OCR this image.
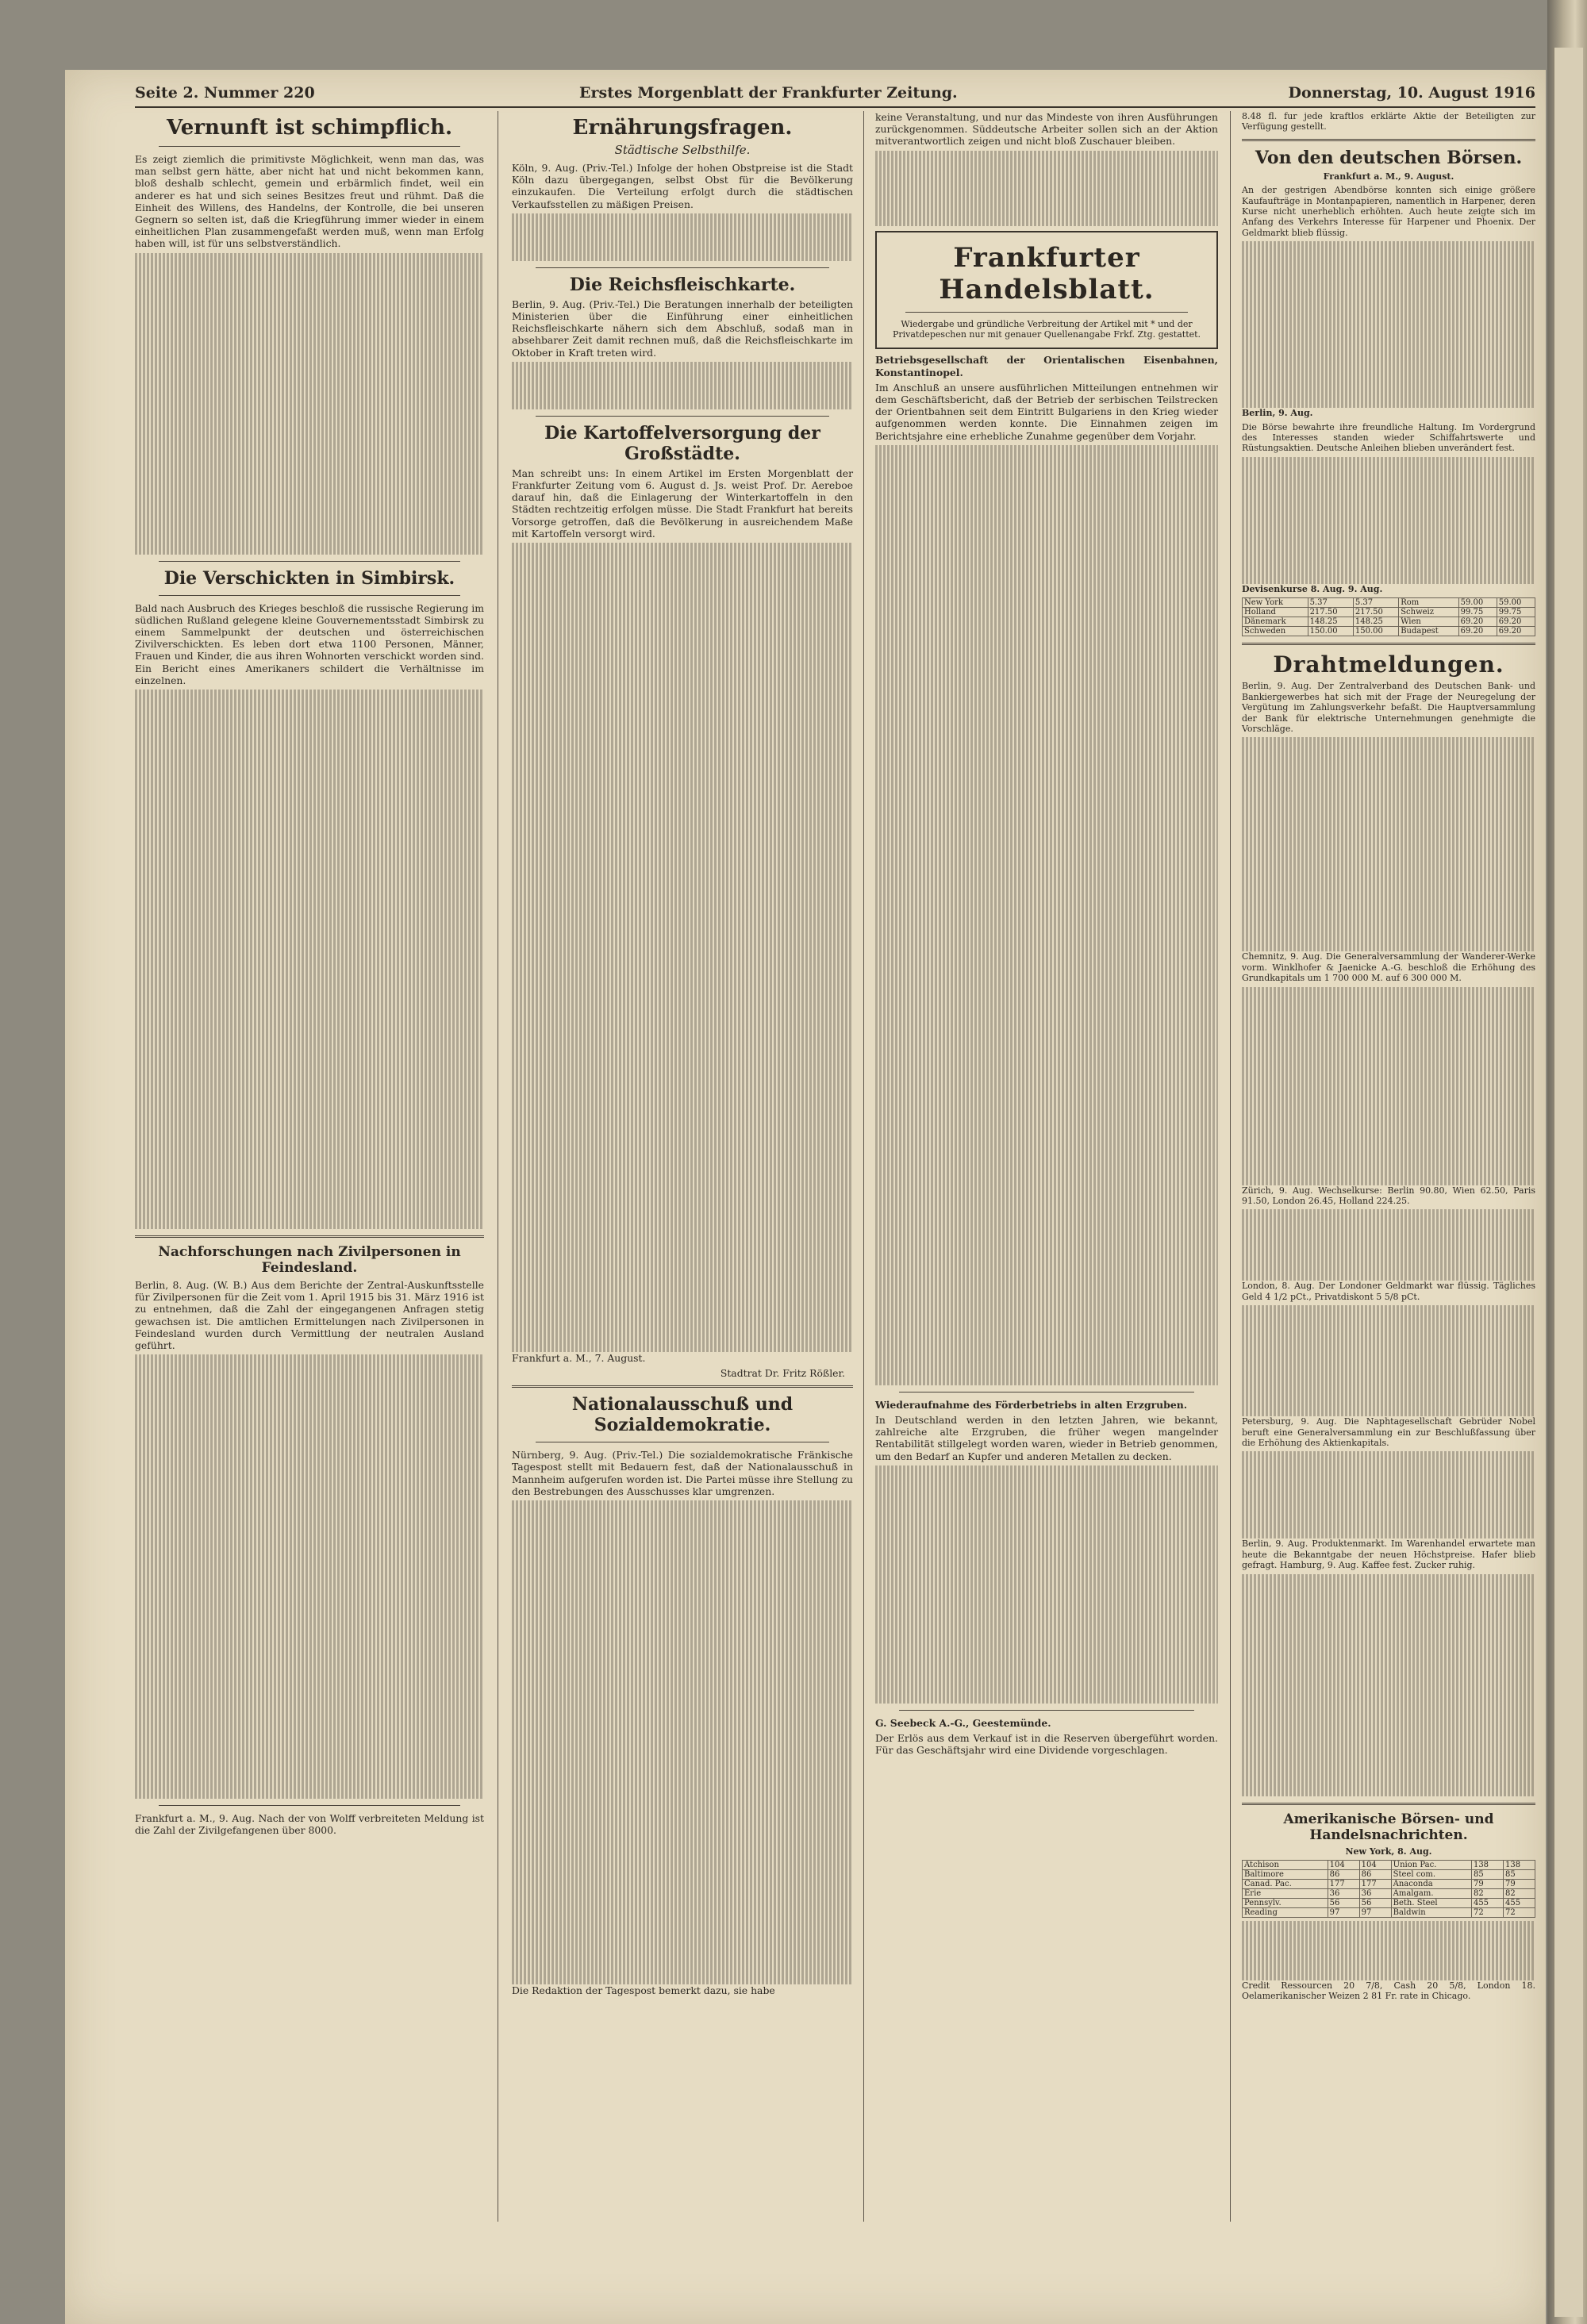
Seite 2. Nummer 220	Erstes Morgenblatt der Frankfurter Zeitung.	Donnerstag, 10. August 1916
Vernunft ist schimpflich.

Es zeigt ziemlich die primitivste Möglichkeit, wenn man das, was man selbst gern hätte, aber nicht hat und nicht bekommen kann, bloß deshalb schlecht, gemein und erbärmlich findet, weil ein anderer es hat und sich seines Besitzes freut und rühmt. Daß die Einheit des Willens, des Handelns, der Kontrolle, die bei unseren Gegnern so selten ist, daß die Kriegführung immer wieder in einem einheitlichen Plan zusammengefaßt werden muß, wenn man Erfolg haben will, ist für uns selbstverständlich.

Die Verschickten in Simbirsk.

Bald nach Ausbruch des Krieges beschloß die russische Regierung im südlichen Rußland gelegene kleine Gouvernementsstadt Simbirsk zu einem Sammelpunkt der deutschen und österreichischen Zivilverschickten. Es leben dort etwa 1100 Personen, Männer, Frauen und Kinder, die aus ihren Wohnorten verschickt worden sind. Ein Bericht eines Amerikaners schildert die Verhältnisse im einzelnen.

Nachforschungen nach Zivilpersonen in Feindesland.

Berlin, 8. Aug. (W. B.) Aus dem Berichte der Zentral-Auskunftsstelle für Zivilpersonen für die Zeit vom 1. April 1915 bis 31. März 1916 ist zu entnehmen, daß die Zahl der eingegangenen Anfragen stetig gewachsen ist. Die amtlichen Ermittelungen nach Zivilpersonen in Feindesland wurden durch Vermittlung der neutralen Ausland geführt.

Frankfurt a. M., 9. Aug. Nach der von Wolff verbreiteten Meldung ist die Zahl der Zivilgefangenen über 8000.

Ernährungsfragen.
Städtische Selbsthilfe.

Köln, 9. Aug. (Priv.-Tel.) Infolge der hohen Obstpreise ist die Stadt Köln dazu übergegangen, selbst Obst für die Bevölkerung einzukaufen. Die Verteilung erfolgt durch die städtischen Verkaufsstellen zu mäßigen Preisen.

Die Reichsfleischkarte.

Berlin, 9. Aug. (Priv.-Tel.) Die Beratungen innerhalb der beteiligten Ministerien über die Einführung einer einheitlichen Reichsfleischkarte nähern sich dem Abschluß, sodaß man in absehbarer Zeit damit rechnen muß, daß die Reichsfleischkarte im Oktober in Kraft treten wird.

Die Kartoffelversorgung der Großstädte.

Man schreibt uns: In einem Artikel im Ersten Morgenblatt der Frankfurter Zeitung vom 6. August d. Js. weist Prof. Dr. Aereboe darauf hin, daß die Einlagerung der Winterkartoffeln in den Städten rechtzeitig erfolgen müsse. Die Stadt Frankfurt hat bereits Vorsorge getroffen, daß die Bevölkerung in ausreichendem Maße mit Kartoffeln versorgt wird.

Frankfurt a. M., 7. August.

Stadtrat Dr. Fritz Rößler.
Nationalausschuß und Sozialdemokratie.

Nürnberg, 9. Aug. (Priv.-Tel.) Die sozialdemokratische Fränkische Tagespost stellt mit Bedauern fest, daß der Nationalausschuß in Mannheim aufgerufen worden ist. Die Partei müsse ihre Stellung zu den Bestrebungen des Ausschusses klar umgrenzen.

Die Redaktion der Tagespost bemerkt dazu, sie habe

keine Veranstaltung, und nur das Mindeste von ihren Ausführungen zurückgenommen. Süddeutsche Arbeiter sollen sich an der Aktion mitverantwortlich zeigen und nicht bloß Zuschauer bleiben.

Frankfurter Handelsblatt.

Wiedergabe und gründliche Verbreitung der Artikel mit * und der Privatdepeschen nur mit genauer Quellenangabe Frkf. Ztg. gestattet.

Betriebsgesellschaft der Orientalischen Eisenbahnen, Konstantinopel.

Im Anschluß an unsere ausführlichen Mitteilungen entnehmen wir dem Geschäftsbericht, daß der Betrieb der serbischen Teilstrecken der Orientbahnen seit dem Eintritt Bulgariens in den Krieg wieder aufgenommen werden konnte. Die Einnahmen zeigen im Berichtsjahre eine erhebliche Zunahme gegenüber dem Vorjahr.

Wiederaufnahme des Förderbetriebs in alten Erzgruben.

In Deutschland werden in den letzten Jahren, wie bekannt, zahlreiche alte Erzgruben, die früher wegen mangelnder Rentabilität stillgelegt worden waren, wieder in Betrieb genommen, um den Bedarf an Kupfer und anderen Metallen zu decken.

G. Seebeck A.-G., Geestemünde.

Der Erlös aus dem Verkauf ist in die Reserven übergeführt worden. Für das Geschäftsjahr wird eine Dividende vorgeschlagen.

8.48 fl. fur jede kraftlos erklärte Aktie der Beteiligten zur Verfügung gestellt.

Von den deutschen Börsen.

Frankfurt a. M., 9. August.

An der gestrigen Abendbörse konnten sich einige größere Kaufaufträge in Montanpapieren, namentlich in Harpener, deren Kurse nicht unerheblich erhöhten. Auch heute zeigte sich im Anfang des Verkehrs Interesse für Harpener und Phoenix. Der Geldmarkt blieb flüssig.

Berlin, 9. Aug.

Die Börse bewahrte ihre freundliche Haltung. Im Vordergrund des Interesses standen wieder Schiffahrtswerte und Rüstungsaktien. Deutsche Anleihen blieben unverändert fest.

Devisenkurse 8. Aug. 9. Aug.

New York	5.37	5.37	Rom	59.00	59.00
Holland	217.50	217.50	Schweiz	99.75	99.75
Dänemark	148.25	148.25	Wien	69.20	69.20
Schweden	150.00	150.00	Budapest	69.20	69.20
Drahtmeldungen.

Berlin, 9. Aug. Der Zentralverband des Deutschen Bank- und Bankiergewerbes hat sich mit der Frage der Neuregelung der Vergütung im Zahlungsverkehr befaßt. Die Hauptversammlung der Bank für elektrische Unternehmungen genehmigte die Vorschläge.

Chemnitz, 9. Aug. Die Generalversammlung der Wanderer-Werke vorm. Winklhofer & Jaenicke A.-G. beschloß die Erhöhung des Grundkapitals um 1 700 000 M. auf 6 300 000 M.

Zürich, 9. Aug. Wechselkurse: Berlin 90.80, Wien 62.50, Paris 91.50, London 26.45, Holland 224.25.

London, 8. Aug. Der Londoner Geldmarkt war flüssig. Tägliches Geld 4 1/2 pCt., Privatdiskont 5 5/8 pCt.

Petersburg, 9. Aug. Die Naphtagesellschaft Gebrüder Nobel beruft eine Generalversammlung ein zur Beschlußfassung über die Erhöhung des Aktienkapitals.

Berlin, 9. Aug. Produktenmarkt. Im Warenhandel erwartete man heute die Bekanntgabe der neuen Höchstpreise. Hafer blieb gefragt. Hamburg, 9. Aug. Kaffee fest. Zucker ruhig.

Amerikanische Börsen- und Handelsnachrichten.

New York, 8. Aug.

Atchison	104	104	Union Pac.	138	138
Baltimore	86	86	Steel com.	85	85
Canad. Pac.	177	177	Anaconda	79	79
Erie	36	36	Amalgam.	82	82
Pennsylv.	56	56	Beth. Steel	455	455
Reading	97	97	Baldwin	72	72

Credit Ressourcen 20 7/8, Cash 20 5/8, London 18. Oelamerikanischer Weizen 2 81 Fr. rate in Chicago.
